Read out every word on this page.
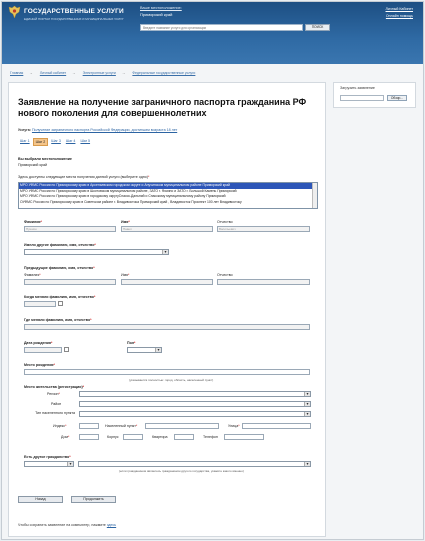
ГОСУДАРСТВЕННЫЕ УСЛУГИ
ЕДИНЫЙ ПОРТАЛ ГОСУДАРСТВЕННЫХ И МУНИЦИПАЛЬНЫХ УСЛУГ
Ваше местоположение:
Приморский край
Введите название услуги для организации
ПОИСК
Личный Кабинет
Онлайн помощь
Главная → Личный кабинет → Электронные услуги → Федеральные государственные услуги
Загрузить заявление
Обзор...
Заявление на получение заграничного паспорта гражданина РФ нового поколения для совершеннолетних
Услуга: Получение заграничного паспорта Российской Федерации, достигшим возраста 18 лет
Шаг 1	Шаг 2	Шаг 3	Шаг 4	Шаг 5
Вы выбрали местоположение
Приморский край
Здесь доступны следующие места получения данной услуги (выберите одно)*
МРО УФМС России по Приморскому краю в Арсеньевском городском округе и Анучинском муниципальном районе Приморский край
МРО УФМС России по Приморскому краю в Шкотовском муниципальном районе, ЗАТО г. Фокино и ЗАТО г. Большой Камень Приморский
МРО УФМС России по Приморскому краю в городскому округуСпасск-Дальний и Спасскому муниципальному району Приморский
ОУФМС России по Приморскому краю в Советском районе г. Владивостока Приморский край , Владивосток Проспект 100 лет Владивостоку
Фамилия*	Имя*	Отчество
Пушкин	Павел	Васильевич
Имели другие фамилию, имя, отчество*
▾
Предыдущие фамилию, имя, отчество*
Фамилия*	Имя*	Отчество
Когда меняли фамилию, имя, отчество*
Где меняли фамилию, имя, отчество*
Дата рождения*	Пол*
▾
Место рождения*
(указывается полностью: город, область, населенный пункт)
Место жительства (регистрации)*
Регион*
▾
Район
▾
Тип населенного пункта
▾
Индекс*	Населенный пункт*	Улица*
Дом*	Корпус	Квартира	Телефон
Есть другое гражданство*
▾
▾
(если гражданином являетесь гражданином другого государства, укажите какого именно)
Назад	Продолжить
Чтобы сохранить заявление на компьютер, нажмите здесь
